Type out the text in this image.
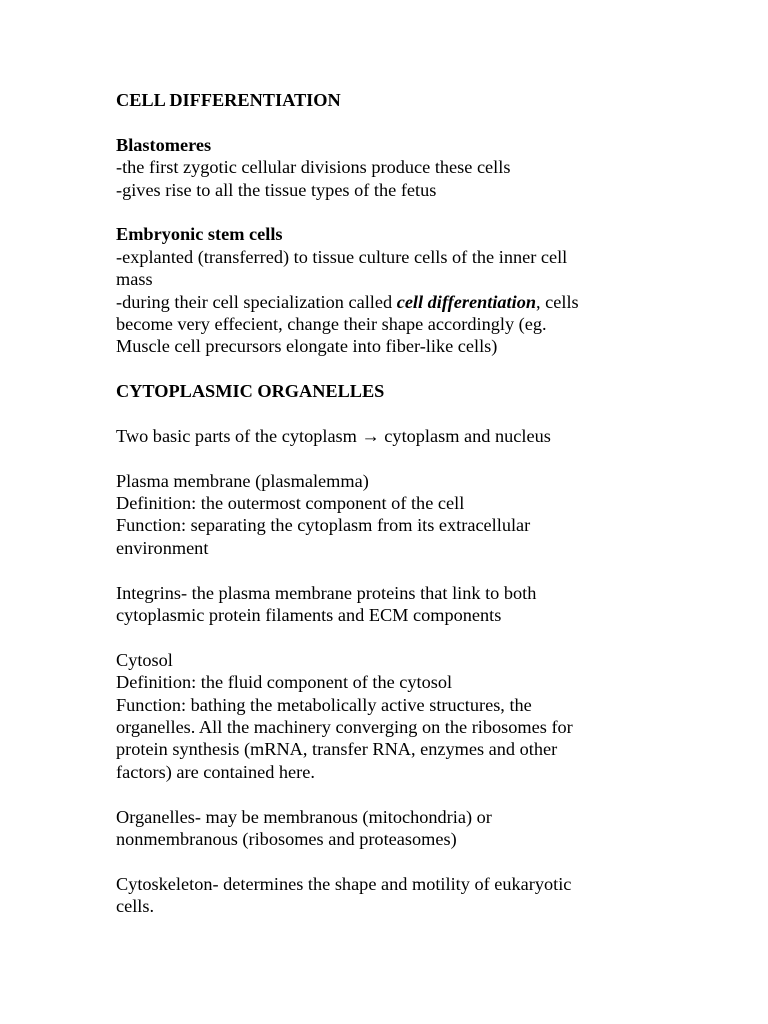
CELL DIFFERENTIATION
Blastomeres
-the first zygotic cellular divisions produce these cells
-gives rise to all the tissue types of the fetus
Embryonic stem cells
-explanted (transferred) to tissue culture cells of the inner cell
mass
-during their cell specialization called cell differentiation, cells
become very effecient, change their shape accordingly (eg.
Muscle cell precursors elongate into fiber-like cells)
CYTOPLASMIC ORGANELLES
Two basic parts of the cytoplasm → cytoplasm and nucleus
Plasma membrane (plasmalemma)
Definition: the outermost component of the cell
Function: separating the cytoplasm from its extracellular
environment
Integrins- the plasma membrane proteins that link to both
cytoplasmic protein filaments and ECM components
Cytosol
Definition: the fluid component of the cytosol
Function: bathing the metabolically active structures, the
organelles. All the machinery converging on the ribosomes for
protein synthesis (mRNA, transfer RNA, enzymes and other
factors) are contained here.
Organelles- may be membranous (mitochondria) or
nonmembranous (ribosomes and proteasomes)
Cytoskeleton- determines the shape and motility of eukaryotic
cells.
